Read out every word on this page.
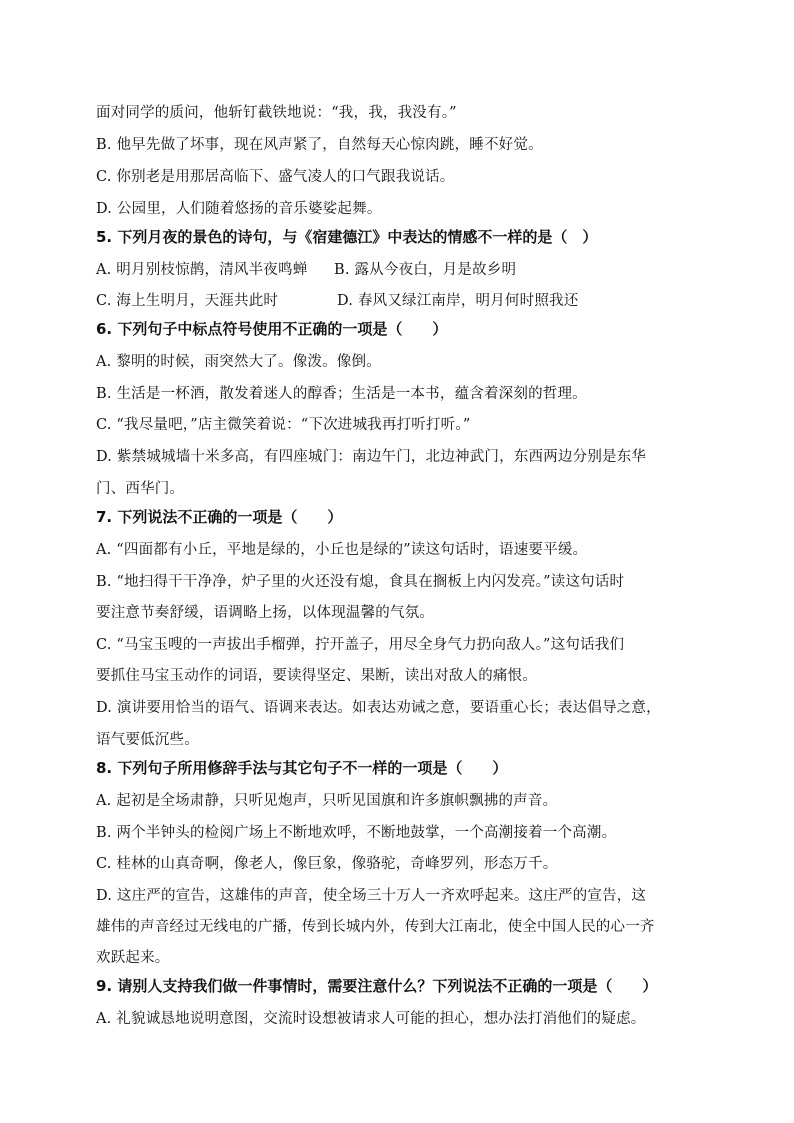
面对同学的质问，他斩钉截铁地说：“我，我，我没有。”
B. 他早先做了坏事，现在风声紧了，自然每天心惊肉跳，睡不好觉。
C. 你别老是用那居高临下、盛气凌人的口气跟我说话。
D. 公园里，人们随着悠扬的音乐婆娑起舞。
5. 下列月夜的景色的诗句，与《宿建德江》中表达的情感不一样的是（　）
A. 明月别枝惊鹊，清风半夜鸣蝉 B. 露从今夜白，月是故乡明
C. 海上生明月，天涯共此时	D. 春风又绿江南岸，明月何时照我还
6. 下列句子中标点符号使用不正确的一项是（　　）
A. 黎明的时候，雨突然大了。像泼。像倒。
B. 生活是一杯酒，散发着迷人的醇香；生活是一本书，蕴含着深刻的哲理。
C. “我尽量吧，”店主微笑着说：“下次进城我再打听打听。”
D. 紫禁城城墙十米多高，有四座城门：南边午门，北边神武门，东西两边分别是东华
门、西华门。
7. 下列说法不正确的一项是（　　）
A. “四面都有小丘，平地是绿的，小丘也是绿的”读这句话时，语速要平缓。
B. “地扫得干干净净，炉子里的火还没有熄，食具在搁板上内闪发亮。”读这句话时
要注意节奏舒缓，语调略上扬，以体现温馨的气氛。
C. “马宝玉嗖的一声拔出手榴弹，拧开盖子，用尽全身气力扔向敌人。”这句话我们
要抓住马宝玉动作的词语，要读得坚定、果断，读出对敌人的痛恨。
D. 演讲要用恰当的语气、语调来表达。如表达劝诫之意，要语重心长；表达倡导之意，
语气要低沉些。
8. 下列句子所用修辞手法与其它句子不一样的一项是（　　）
A. 起初是全场肃静，只听见炮声，只听见国旗和许多旗帜飘拂的声音。
B. 两个半钟头的检阅广场上不断地欢呼，不断地鼓掌，一个高潮接着一个高潮。
C. 桂林的山真奇啊，像老人，像巨象，像骆驼，奇峰罗列，形态万千。
D. 这庄严的宣告，这雄伟的声音，使全场三十万人一齐欢呼起来。这庄严的宣告，这
雄伟的声音经过无线电的广播，传到长城内外，传到大江南北，使全中国人民的心一齐
欢跃起来。
9. 请别人支持我们做一件事情时，需要注意什么？下列说法不正确的一项是（　　）
A. 礼貌诚恳地说明意图，交流时设想被请求人可能的担心，想办法打消他们的疑虑。
